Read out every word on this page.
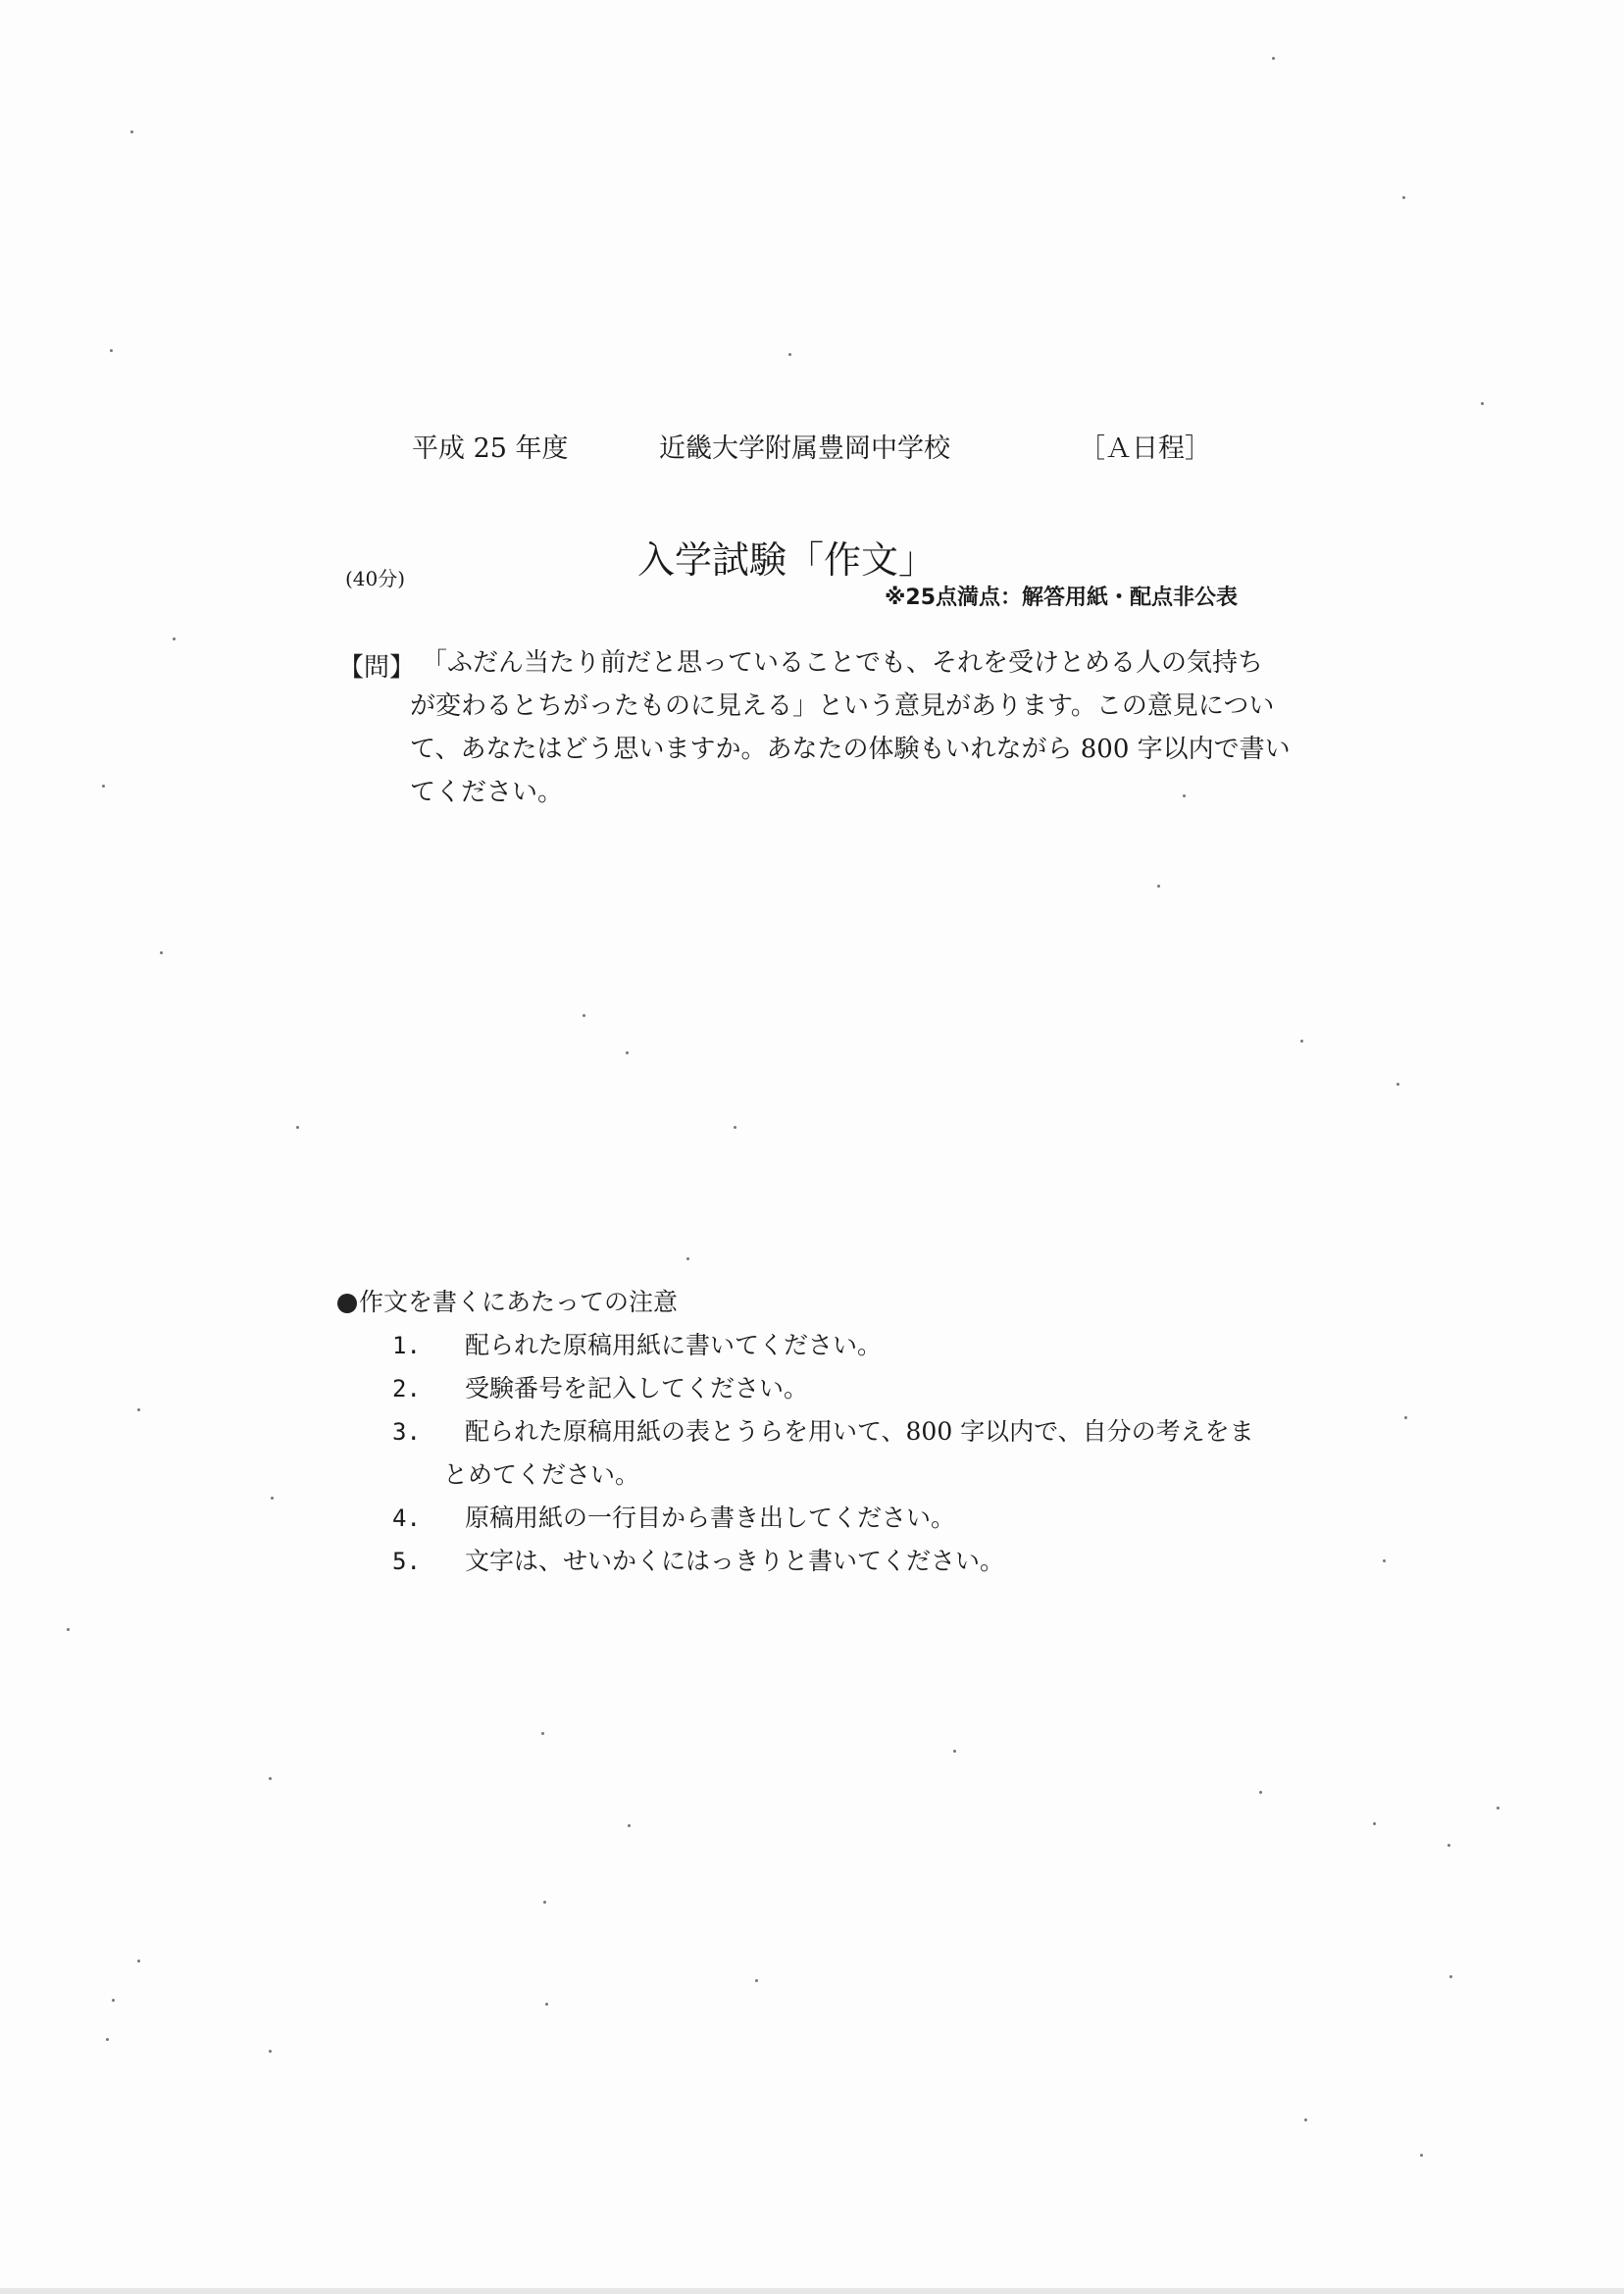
平成 25 年度	近畿大学附属豊岡中学校	［Ａ日程］
(40分)	入学試験「作文」
※25点満点：解答用紙・配点非公表
【問】 「ふだん当たり前だと思っていることでも、それを受けとめる人の気持ち
が変わるとちがったものに見える」という意見があります。この意見につい
て、あなたはどう思いますか。あなたの体験もいれながら 800 字以内で書い
てください。
作文を書くにあたっての注意
1. 配られた原稿用紙に書いてください。
2. 受験番号を記入してください。
3. 配られた原稿用紙の表とうらを用いて、800 字以内で、自分の考えをま
とめてください。
4. 原稿用紙の一行目から書き出してください。
5. 文字は、せいかくにはっきりと書いてください。
